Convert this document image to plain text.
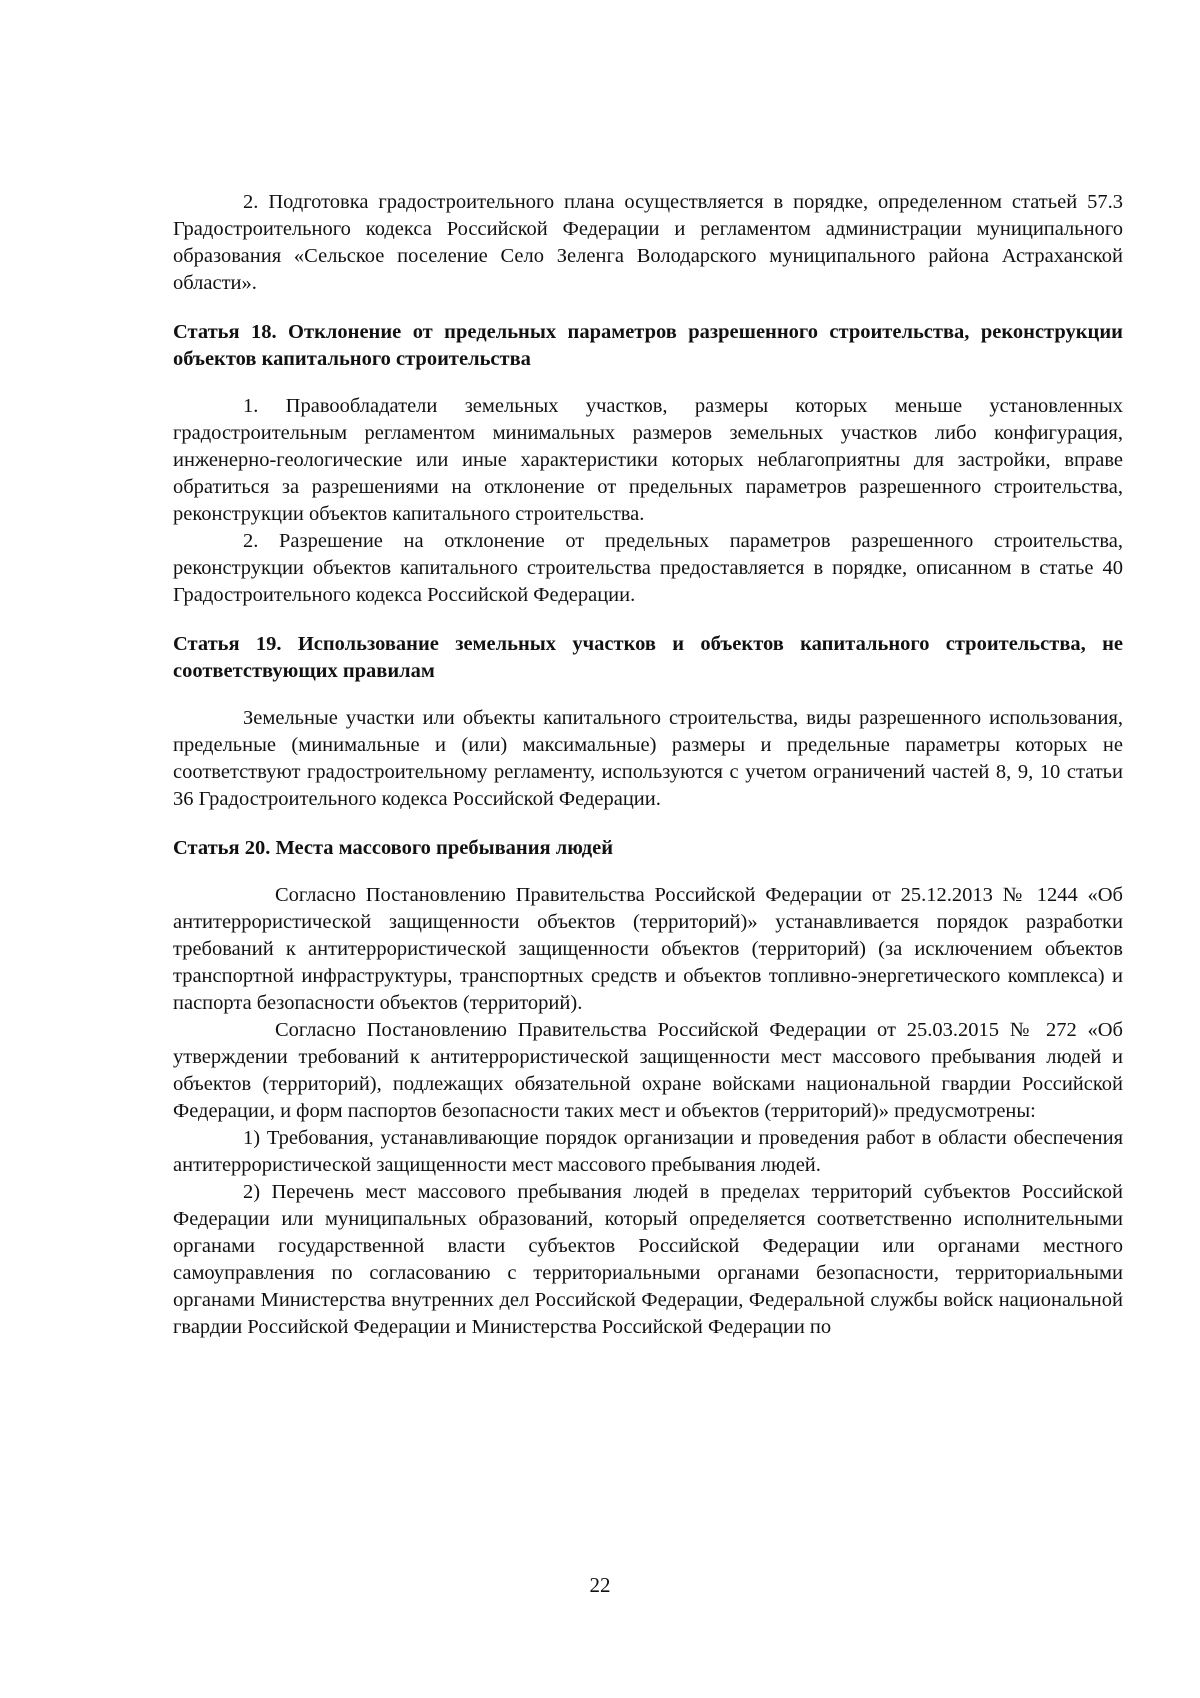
2. Подготовка градостроительного плана осуществляется в порядке, определенном статьей 57.3 Градостроительного кодекса Российской Федерации и регламентом администрации муниципального образования «Сельское поселение Село Зеленга Володарского муниципального района Астраханской области».

Статья 18. Отклонение от предельных параметров разрешенного строительства, реконструкции объектов капитального строительства

1. Правообладатели земельных участков, размеры которых меньше установленных градостроительным регламентом минимальных размеров земельных участков либо конфигурация, инженерно-геологические или иные характеристики которых неблагоприятны для застройки, вправе обратиться за разрешениями на отклонение от предельных параметров разрешенного строительства, реконструкции объектов капитального строительства.

2. Разрешение на отклонение от предельных параметров разрешенного строительства, реконструкции объектов капитального строительства предоставляется в порядке, описанном в статье 40 Градостроительного кодекса Российской Федерации.

Статья 19. Использование земельных участков и объектов капитального строительства, не соответствующих правилам

Земельные участки или объекты капитального строительства, виды разрешенного использования, предельные (минимальные и (или) максимальные) размеры и предельные параметры которых не соответствуют градостроительному регламенту, используются с учетом ограничений частей 8, 9, 10 статьи 36 Градостроительного кодекса Российской Федерации.

Статья 20. Места массового пребывания людей

Согласно Постановлению Правительства Российской Федерации от 25.12.2013 № 1244 «Об антитеррористической защищенности объектов (территорий)» устанавливается порядок разработки требований к антитеррористической защищенности объектов (территорий) (за исключением объектов транспортной инфраструктуры, транспортных средств и объектов топливно-энергетического комплекса) и паспорта безопасности объектов (территорий).

Согласно Постановлению Правительства Российской Федерации от 25.03.2015 № 272 «Об утверждении требований к антитеррористической защищенности мест массового пребывания людей и объектов (территорий), подлежащих обязательной охране войсками национальной гвардии Российской Федерации, и форм паспортов безопасности таких мест и объектов (территорий)» предусмотрены:

1) Требования, устанавливающие порядок организации и проведения работ в области обеспечения антитеррористической защищенности мест массового пребывания людей.

2) Перечень мест массового пребывания людей в пределах территорий субъектов Российской Федерации или муниципальных образований, который определяется соответственно исполнительными органами государственной власти субъектов Российской Федерации или органами местного самоуправления по согласованию с территориальными органами безопасности, территориальными органами Министерства внутренних дел Российской Федерации, Федеральной службы войск национальной гвардии Российской Федерации и Министерства Российской Федерации по

22
